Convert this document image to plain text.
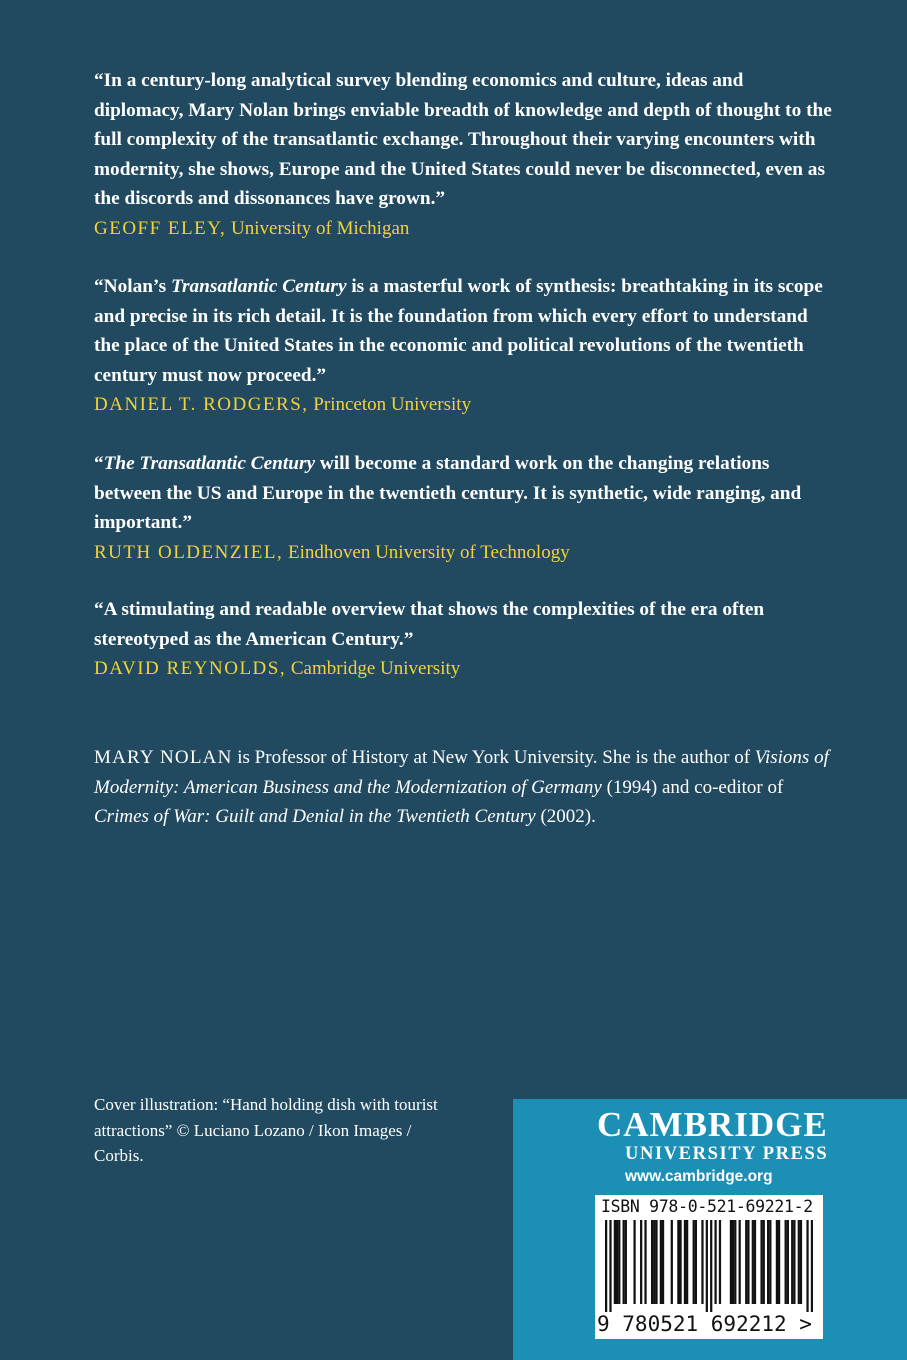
“In a century-long analytical survey blending economics and culture, ideas and diplomacy, Mary Nolan brings enviable breadth of knowledge and depth of thought to the full complexity of the transatlantic exchange. Throughout their varying encounters with modernity, she shows, Europe and the United States could never be disconnected, even as the discords and dissonances have grown.”

GEOFF ELEY, University of Michigan

“Nolan’s Transatlantic Century is a masterful work of synthesis: breathtaking in its scope and precise in its rich detail. It is the foundation from which every effort to understand the place of the United States in the economic and political revolutions of the twentieth century must now proceed.”

DANIEL T. RODGERS, Princeton University

“The Transatlantic Century will become a standard work on the changing relations between the US and Europe in the twentieth century. It is synthetic, wide ranging, and important.”

RUTH OLDENZIEL, Eindhoven University of Technology

“A stimulating and readable overview that shows the complexities of the era often stereotyped as the American Century.”

DAVID REYNOLDS, Cambridge University

MARY NOLAN is Professor of History at New York University. She is the author of Visions of Modernity: American Business and the Modernization of Germany (1994) and co-editor of Crimes of War: Guilt and Denial in the Twentieth Century (2002).

Cover illustration: “Hand holding dish with tourist attractions” © Luciano Lozano / Ikon Images / Corbis.

CAMBRIDGE

UNIVERSITY PRESS

www.cambridge.org

ISBN 978-0-521-69221-2

9 780521 692212 >
